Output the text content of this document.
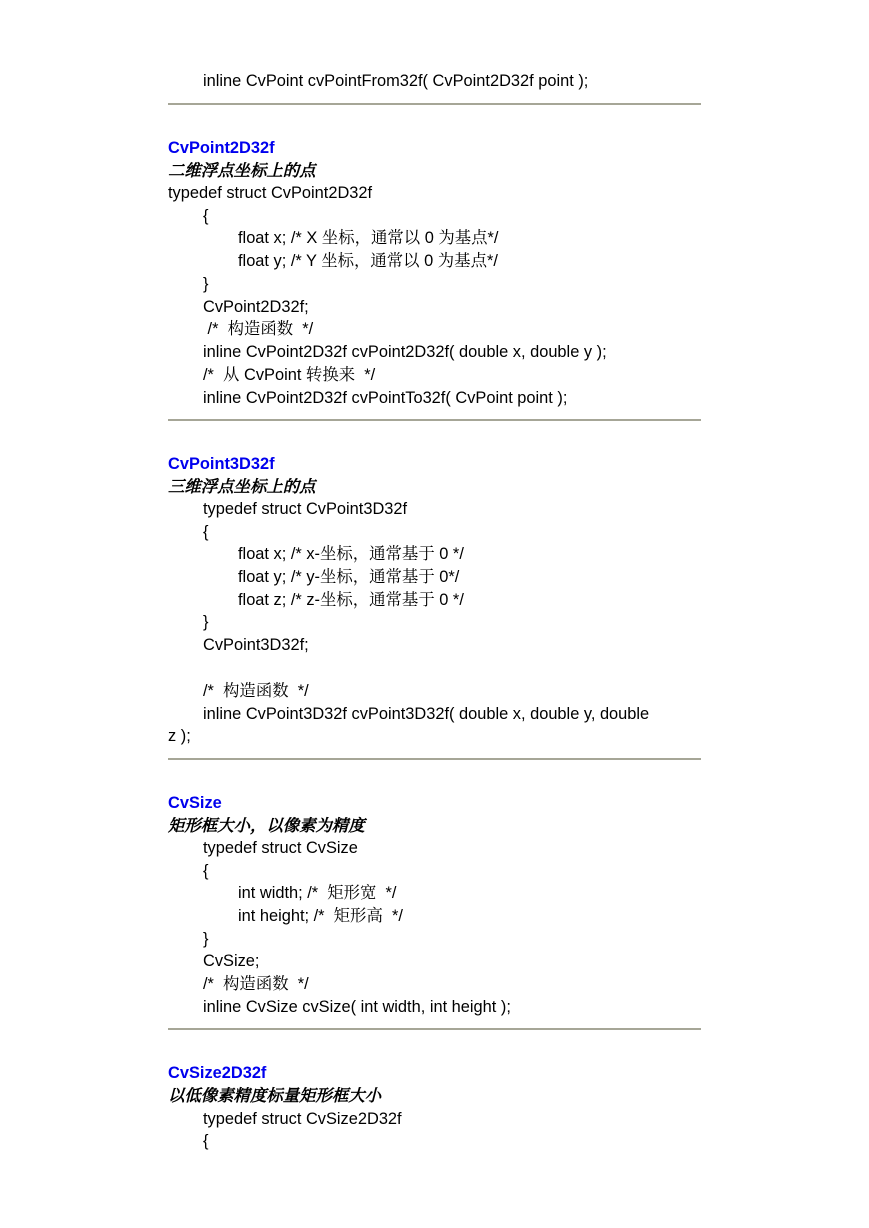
inline CvPoint cvPointFrom32f( CvPoint2D32f point );
CvPoint2D32f
二维浮点坐标上的点
typedef struct CvPoint2D32f
{
float x; /* X 坐标，通常以 0 为基点*/
float y; /* Y 坐标，通常以 0 为基点*/
}
CvPoint2D32f;
/*  构造函数  */
inline CvPoint2D32f cvPoint2D32f( double x, double y );
/*  从 CvPoint 转换来  */
inline CvPoint2D32f cvPointTo32f( CvPoint point );
CvPoint3D32f
三维浮点坐标上的点
typedef struct CvPoint3D32f
{
float x; /* x-坐标，通常基于 0 */
float y; /* y-坐标，通常基于 0*/
float z; /* z-坐标，通常基于 0 */
}
CvPoint3D32f;
/*  构造函数  */
inline CvPoint3D32f cvPoint3D32f( double x, double y, double
z );
CvSize
矩形框大小，以像素为精度
typedef struct CvSize
{
int width; /*  矩形宽  */
int height; /*  矩形高  */
}
CvSize;
/*  构造函数  */
inline CvSize cvSize( int width, int height );
CvSize2D32f
以低像素精度标量矩形框大小
typedef struct CvSize2D32f
{
